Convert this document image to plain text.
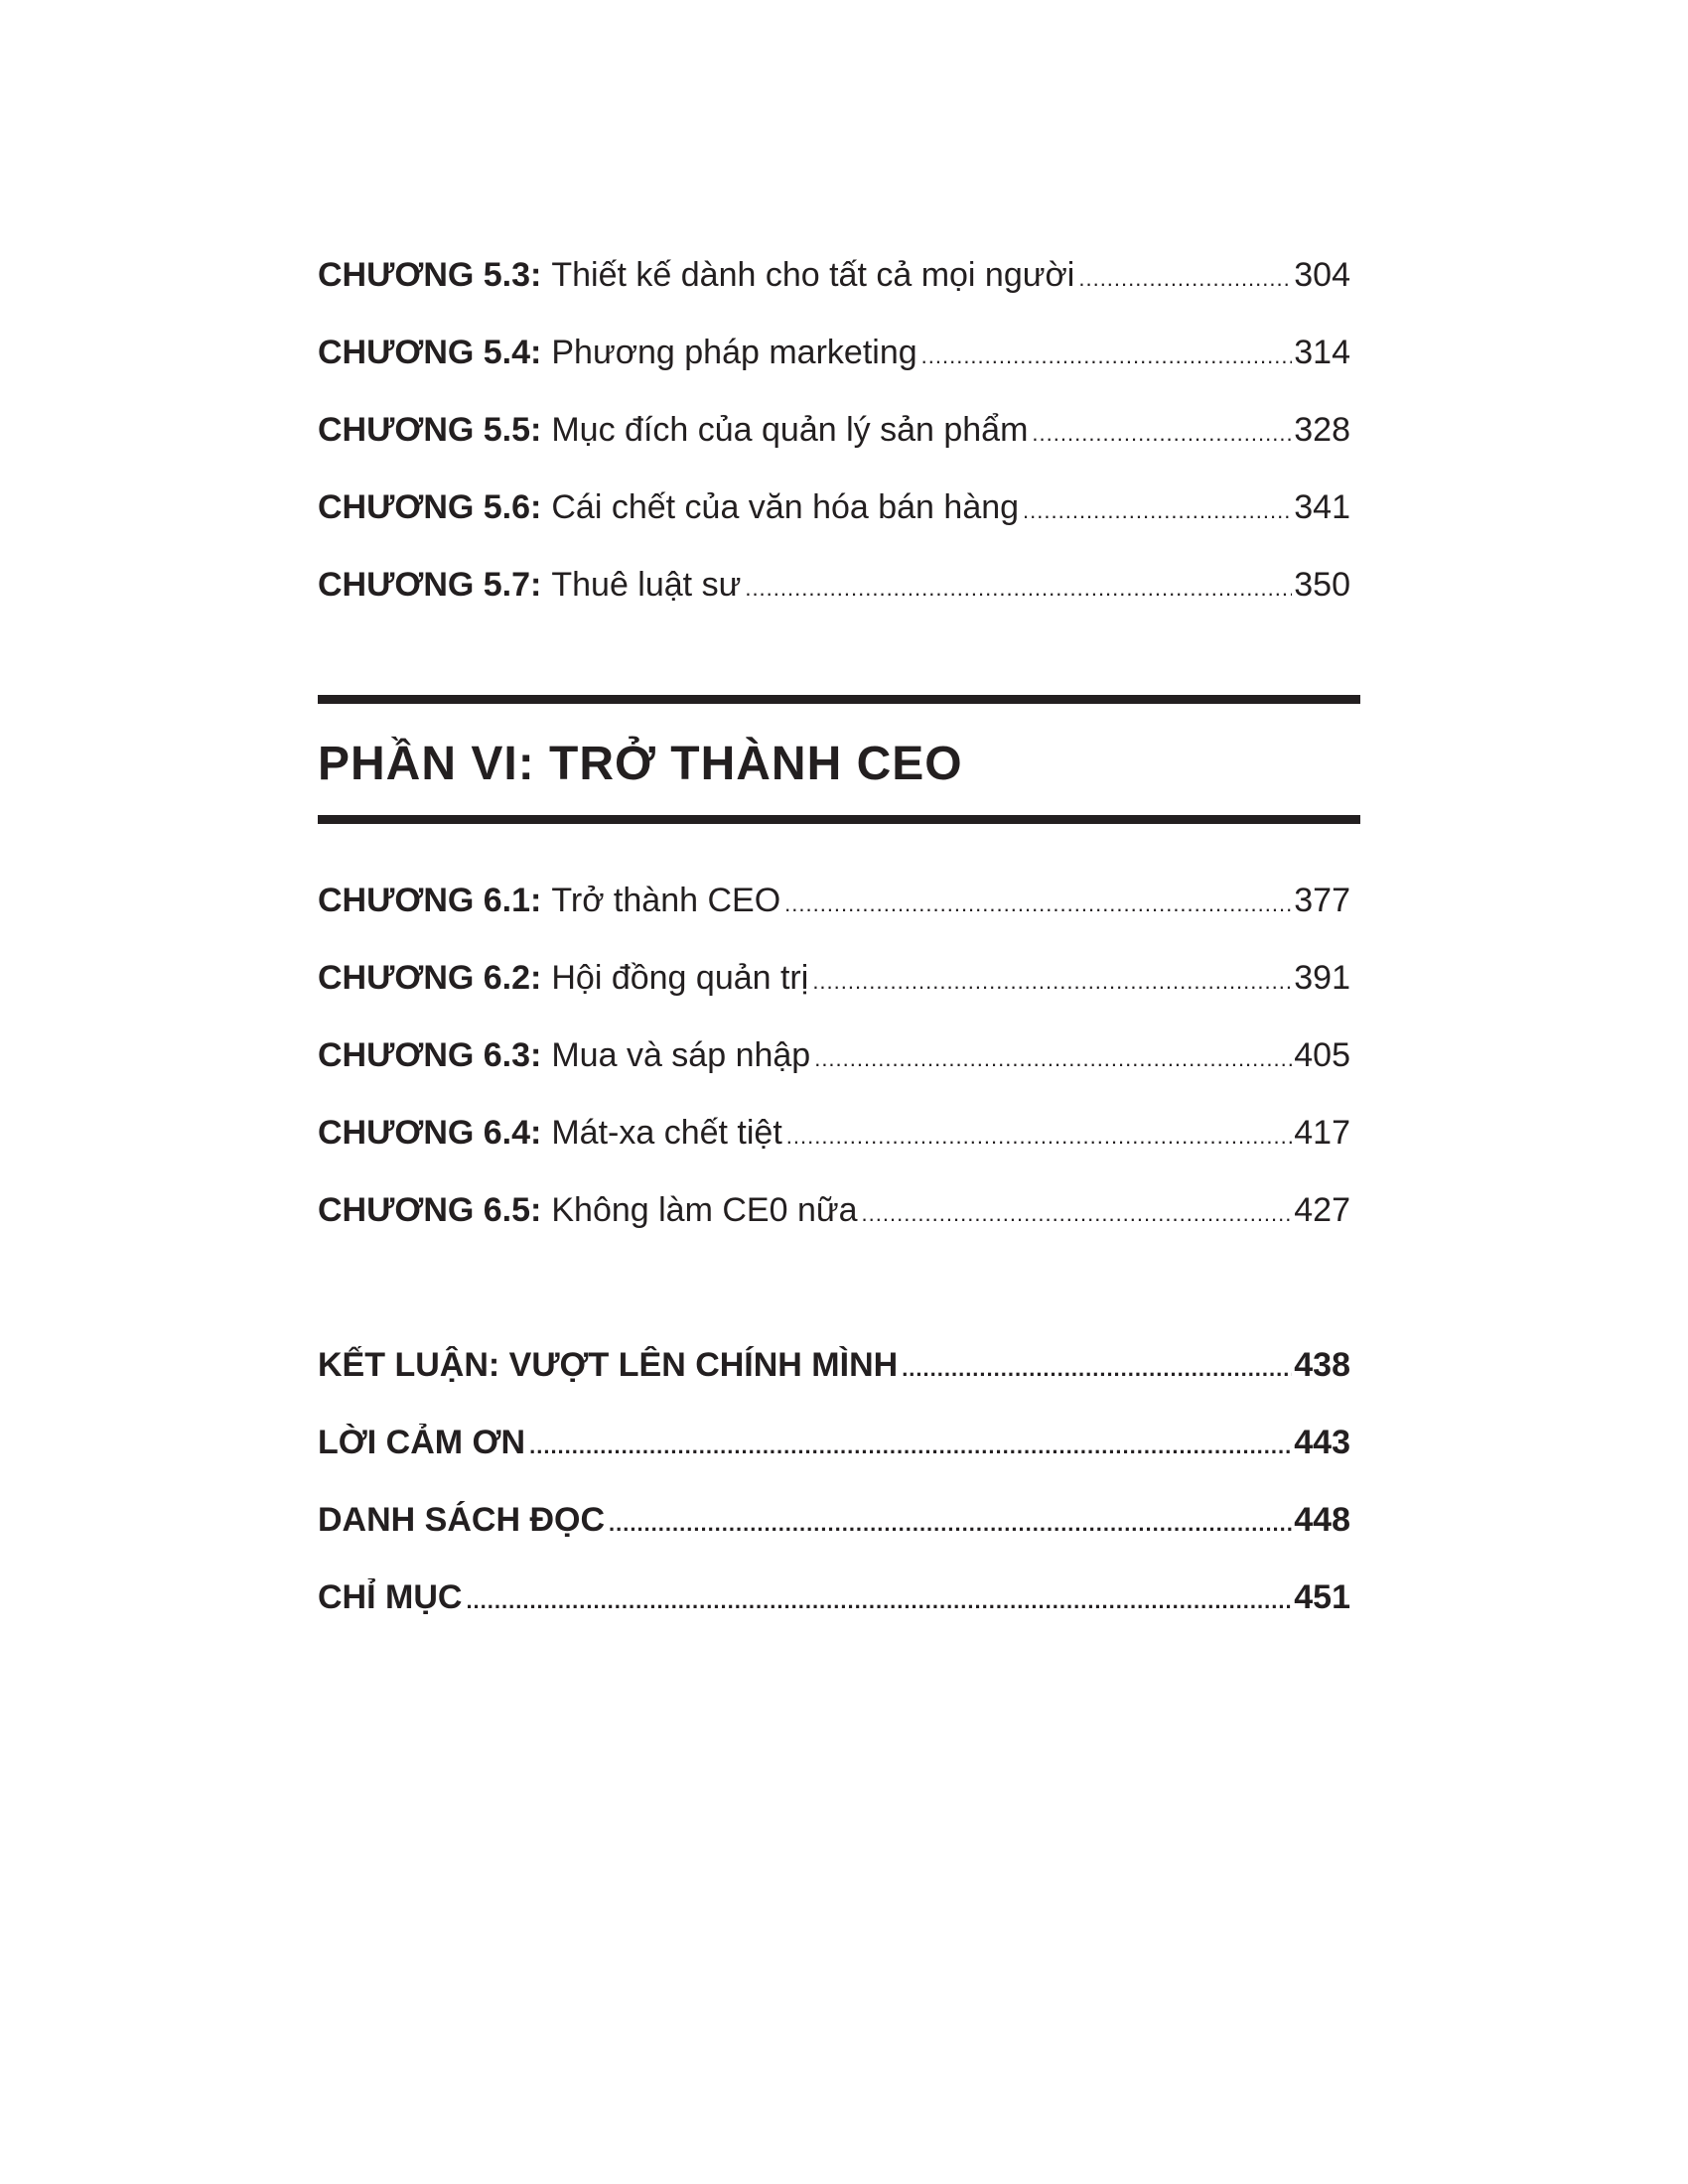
CHƯƠNG 5.3: Thiết kế dành cho tất cả mọi người .....	304
CHƯƠNG 5.4: Phương pháp marketing .....	314
CHƯƠNG 5.5: Mục đích của quản lý sản phẩm .....	328
CHƯƠNG 5.6: Cái chết của văn hóa bán hàng .....	341
CHƯƠNG 5.7: Thuê luật sư .....	350
PHẦN VI: TRỞ THÀNH CEO
CHƯƠNG 6.1: Trở thành CEO .....	377
CHƯƠNG 6.2: Hội đồng quản trị .....	391
CHƯƠNG 6.3: Mua và sáp nhập .....	405
CHƯƠNG 6.4: Mát-xa chết tiệt .....	417
CHƯƠNG 6.5: Không làm CE0 nữa .....	427
KẾT LUẬN: VƯỢT LÊN CHÍNH MÌNH .....	438
LỜI CẢM ƠN .....	443
DANH SÁCH ĐỌC .....	448
CHỈ MỤC .....	451
